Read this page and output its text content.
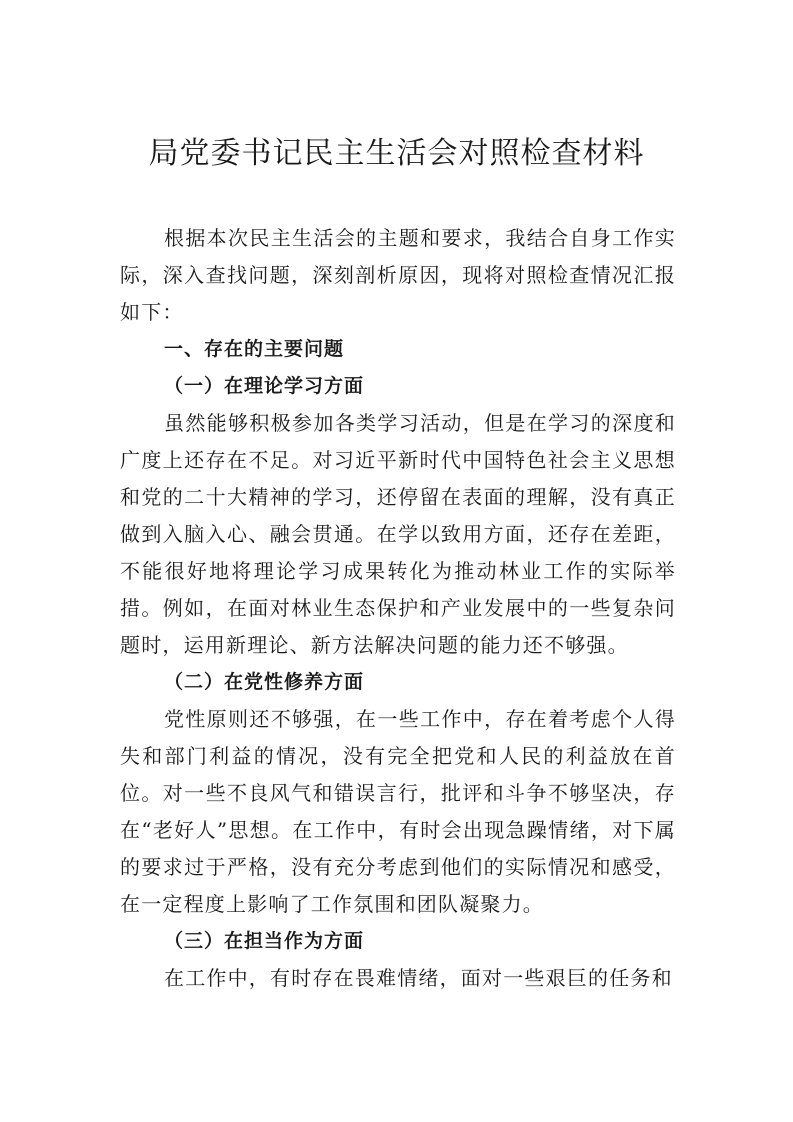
局党委书记民主生活会对照检查材料

根据本次民主生活会的主题和要求，我结合自身工作实际，深入查找问题，深刻剖析原因，现将对照检查情况汇报如下：

一、存在的主要问题

（一）在理论学习方面

虽然能够积极参加各类学习活动，但是在学习的深度和广度上还存在不足。对习近平新时代中国特色社会主义思想和党的二十大精神的学习，还停留在表面的理解，没有真正做到入脑入心、融会贯通。在学以致用方面，还存在差距，不能很好地将理论学习成果转化为推动林业工作的实际举措。例如，在面对林业生态保护和产业发展中的一些复杂问题时，运用新理论、新方法解决问题的能力还不够强。

（二）在党性修养方面

党性原则还不够强，在一些工作中，存在着考虑个人得失和部门利益的情况，没有完全把党和人民的利益放在首位。对一些不良风气和错误言行，批评和斗争不够坚决，存在“老好人”思想。在工作中，有时会出现急躁情绪，对下属的要求过于严格，没有充分考虑到他们的实际情况和感受，在一定程度上影响了工作氛围和团队凝聚力。

（三）在担当作为方面

在工作中，有时存在畏难情绪，面对一些艰巨的任务和
